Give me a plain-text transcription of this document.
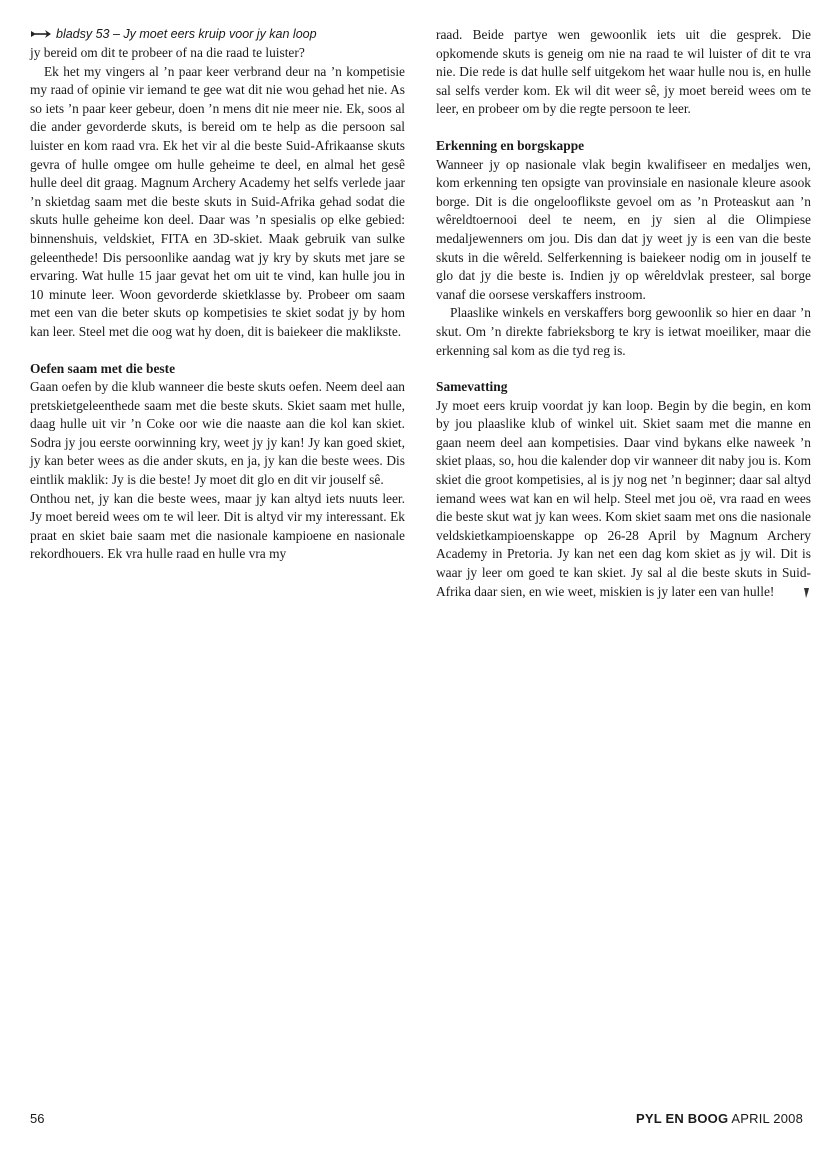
bladsy 53 – Jy moet eers kruip voor jy kan loop

jy bereid om dit te probeer of na die raad te luister?

Ek het my vingers al ’n paar keer verbrand deur na ’n kompetisie my raad of opinie vir iemand te gee wat dit nie wou gehad het nie. As so iets ’n paar keer gebeur, doen ’n mens dit nie meer nie. Ek, soos al die ander gevorderde skuts, is bereid om te help as die persoon sal luister en kom raad vra. Ek het vir al die beste Suid-Afrikaanse skuts gevra of hulle omgee om hulle geheime te deel, en almal het gesê hulle deel dit graag. Magnum Archery Academy het selfs verlede jaar ’n skietdag saam met die beste skuts in Suid-Afrika gehad sodat die skuts hulle geheime kon deel. Daar was ’n spesialis op elke gebied: binnenshuis, veldskiet, FITA en 3D-skiet. Maak gebruik van sulke geleenthede! Dis persoonlike aandag wat jy kry by skuts met jare se ervaring. Wat hulle 15 jaar gevat het om uit te vind, kan hulle jou in 10 minute leer. Woon gevorderde skietklasse by. Probeer om saam met een van die beter skuts op kompetisies te skiet sodat jy by hom kan leer. Steel met die oog wat hy doen, dit is baiekeer die maklikste.

Oefen saam met die beste

Gaan oefen by die klub wanneer die beste skuts oefen. Neem deel aan pretskietgeleenthede saam met die beste skuts. Skiet saam met hulle, daag hulle uit vir ’n Coke oor wie die naaste aan die kol kan skiet. Sodra jy jou eerste oorwinning kry, weet jy jy kan! Jy kan goed skiet, jy kan beter wees as die ander skuts, en ja, jy kan die beste wees. Dis eintlik maklik: Jy is die beste! Jy moet dit glo en dit vir jouself sê.

Onthou net, jy kan die beste wees, maar jy kan altyd iets nuuts leer. Jy moet bereid wees om te wil leer. Dit is altyd vir my interessant. Ek praat en skiet baie saam met die nasionale kampioene en nasionale rekordhouers. Ek vra hulle raad en hulle vra my

raad. Beide partye wen gewoonlik iets uit die gesprek. Die opkomende skuts is geneig om nie na raad te wil luister of dit te vra nie. Die rede is dat hulle self uitgekom het waar hulle nou is, en hulle sal selfs verder kom. Ek wil dit weer sê, jy moet bereid wees om te leer, en probeer om by die regte persoon te leer.

Erkenning en borgskappe

Wanneer jy op nasionale vlak begin kwalifiseer en medaljes wen, kom erkenning ten opsigte van provinsiale en nasionale kleure asook borge. Dit is die ongelooflikste gevoel om as ’n Proteaskut aan ’n wêreldtoernooi deel te neem, en jy sien al die Olimpiese medaljewenners om jou. Dis dan dat jy weet jy is een van die beste skuts in die wêreld. Selferkenning is baiekeer nodig om in jouself te glo dat jy die beste is. Indien jy op wêreldvlak presteer, sal borge vanaf die oorsese verskaffers instroom.

Plaaslike winkels en verskaffers borg gewoonlik so hier en daar ’n skut. Om ’n direkte fabrieksborg te kry is ietwat moeiliker, maar die erkenning sal kom as die tyd reg is.

Samevatting

Jy moet eers kruip voordat jy kan loop. Begin by die begin, en kom by jou plaaslike klub of winkel uit. Skiet saam met die manne en gaan neem deel aan kompetisies. Daar vind bykans elke naweek ’n skiet plaas, so, hou die kalender dop vir wanneer dit naby jou is. Kom skiet die groot kompetisies, al is jy nog net ’n beginner; daar sal altyd iemand wees wat kan en wil help. Steel met jou oë, vra raad en wees die beste skut wat jy kan wees. Kom skiet saam met ons die nasionale veldskietkampioenskappe op 26-28 April by Magnum Archery Academy in Pretoria. Jy kan net een dag kom skiet as jy wil. Dit is waar jy leer om goed te kan skiet. Jy sal al die beste skuts in Suid-Afrika daar sien, en wie weet, miskien is jy later een van hulle!

56	PYL EN BOOG APRIL 2008
